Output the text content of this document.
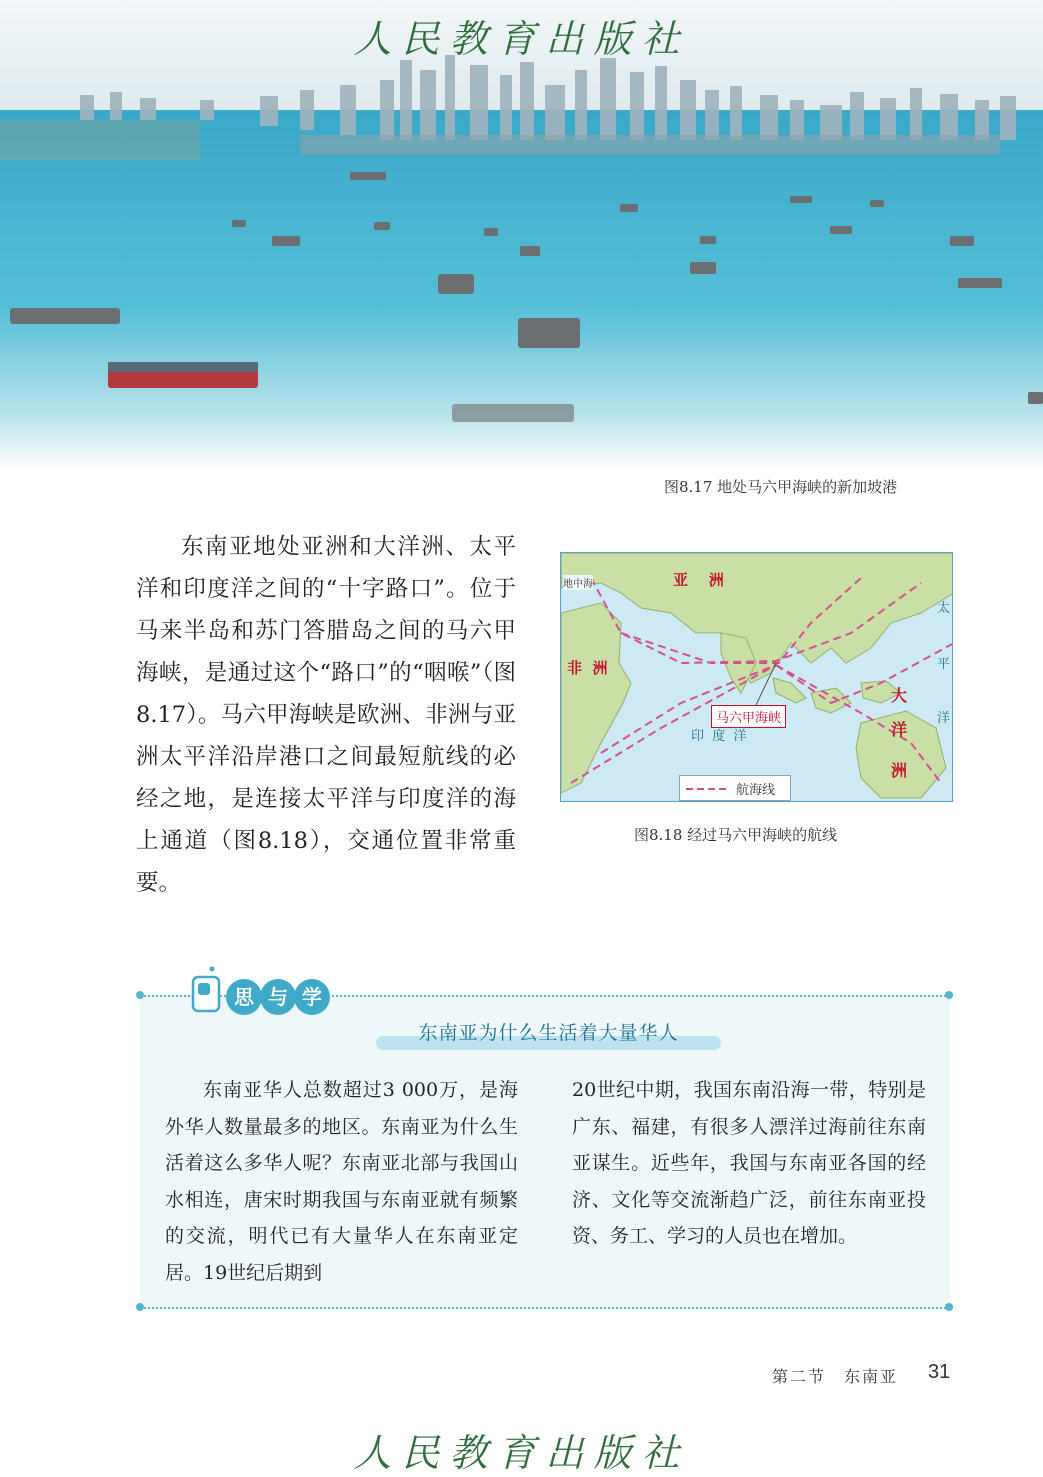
人民教育出版社
图8.17 地处马六甲海峡的新加坡港

东南亚地处亚洲和大洋洲、太平洋和印度洋之间的“十字路口”。位于马来半岛和苏门答腊岛之间的马六甲海峡，是通过这个“路口”的“咽喉”（图8.17）。马六甲海峡是欧洲、非洲与亚洲太平洋沿岸港口之间最短航线的必经之地，是连接太平洋与印度洋的海上通道（图8.18），交通位置非常重要。

亚    洲
非  洲
地中海
印  度  洋
马六甲海峡
太
平
洋
大
洋
洲
航海线
图8.18 经过马六甲海峡的航线
思 与 学
东南亚为什么生活着大量华人

东南亚华人总数超过3 000万，是海外华人数量最多的地区。东南亚为什么生活着这么多华人呢？东南亚北部与我国山水相连，唐宋时期我国与东南亚就有频繁的交流，明代已有大量华人在东南亚定居。19世纪后期到

20世纪中期，我国东南沿海一带，特别是广东、福建，有很多人漂洋过海前往东南亚谋生。近些年，我国与东南亚各国的经济、文化等交流渐趋广泛，前往东南亚投资、务工、学习的人员也在增加。

第二节 东南亚 31
人民教育出版社
